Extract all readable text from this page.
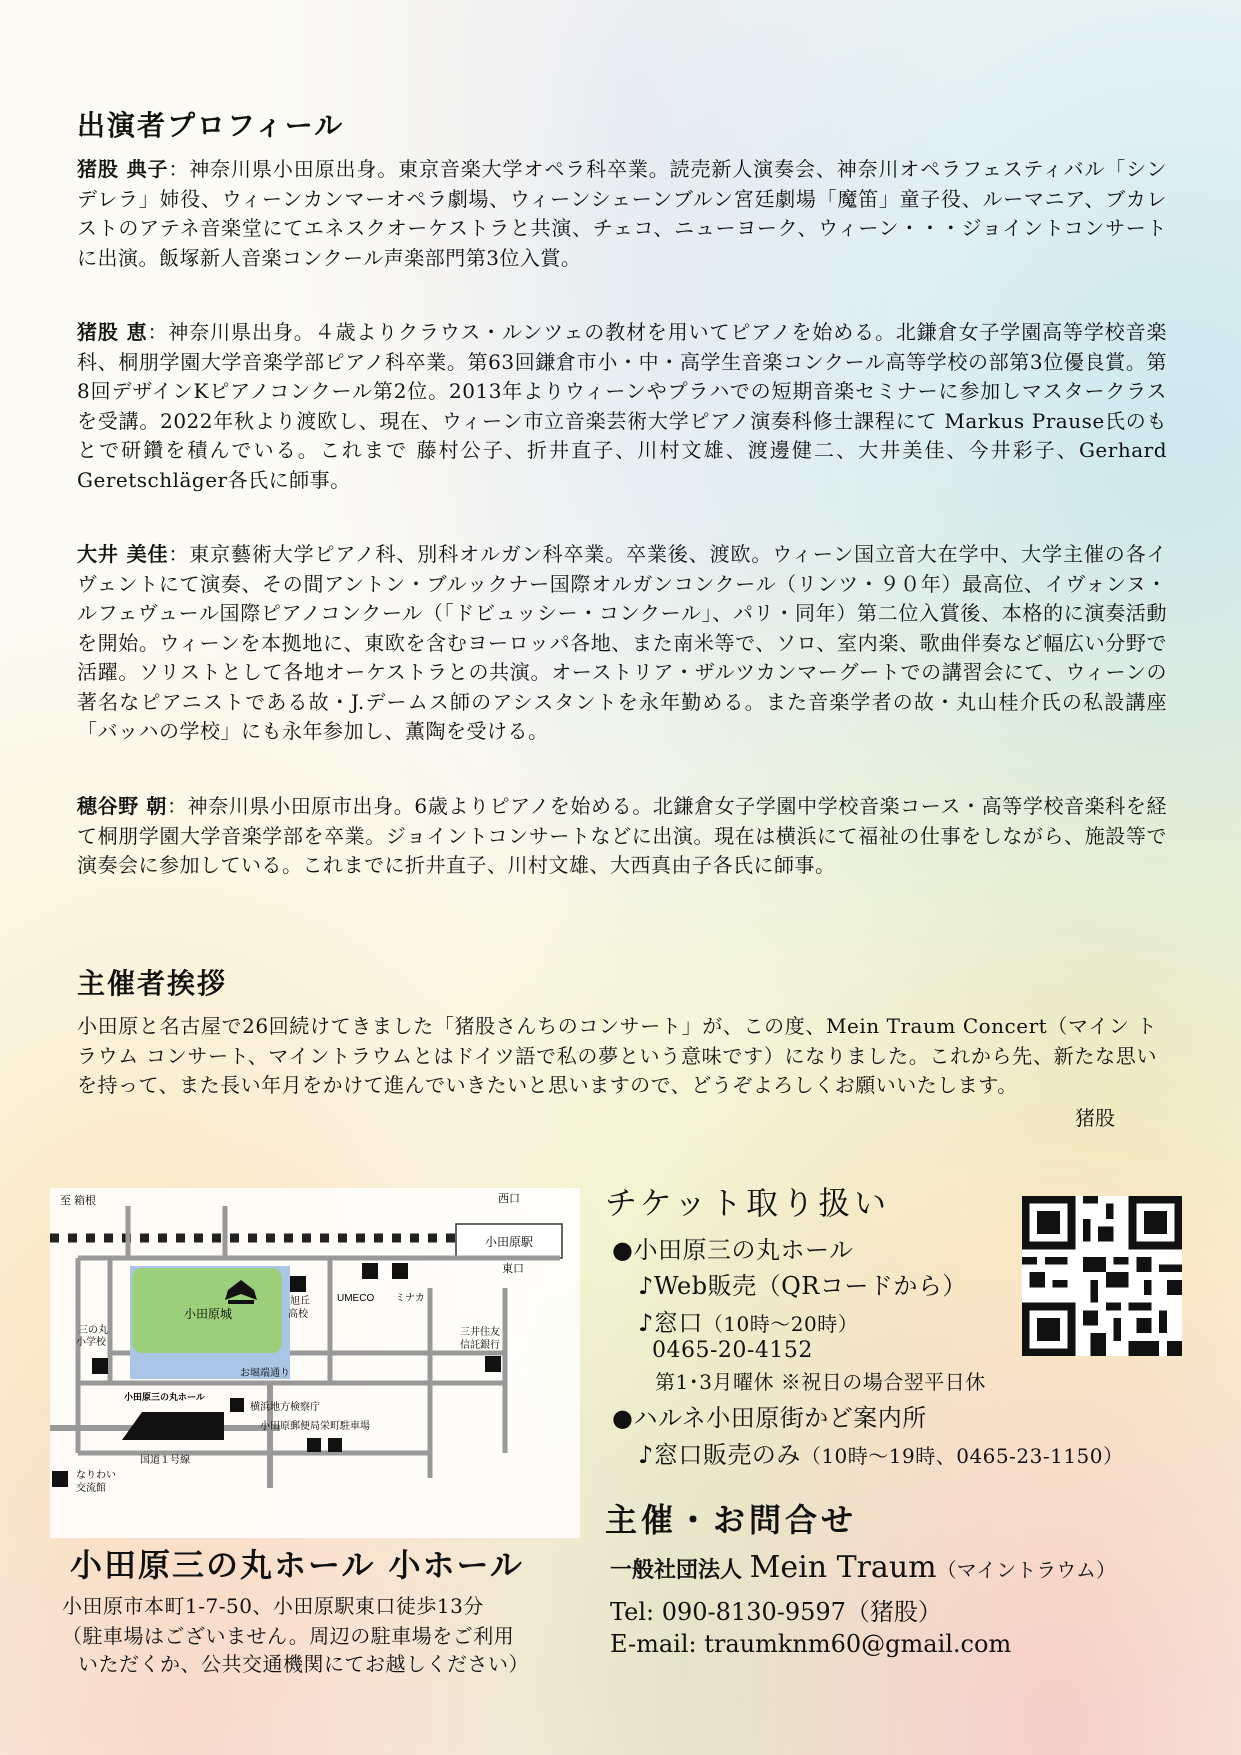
出演者プロフィール
猪股 典子：神奈川県小田原出身。東京音楽大学オペラ科卒業。読売新人演奏会、神奈川オペラフェスティバル「シンデレラ」姉役、ウィーンカンマーオペラ劇場、ウィーンシェーンブルン宮廷劇場「魔笛」童子役、ルーマニア、ブカレストのアテネ音楽堂にてエネスクオーケストラと共演、チェコ、ニューヨーク、ウィーン・・・ジョイントコンサートに出演。飯塚新人音楽コンクール声楽部門第3位入賞。
猪股 恵：神奈川県出身。４歳よりクラウス・ルンツェの教材を用いてピアノを始める。北鎌倉女子学園高等学校音楽科、桐朋学園大学音楽学部ピアノ科卒業。第63回鎌倉市小・中・高学生音楽コンクール高等学校の部第3位優良賞。第8回デザインKピアノコンクール第2位。2013年よりウィーンやプラハでの短期音楽セミナーに参加しマスタークラスを受講。2022年秋より渡欧し、現在、ウィーン市立音楽芸術大学ピアノ演奏科修士課程にて Markus Prause氏のもとで研鑽を積んでいる。これまで 藤村公子、折井直子、川村文雄、渡邊健二、大井美佳、今井彩子、Gerhard Geretschläger各氏に師事。
大井 美佳：東京藝術大学ピアノ科、別科オルガン科卒業。卒業後、渡欧。ウィーン国立音大在学中、大学主催の各イヴェントにて演奏、その間アントン・ブルックナー国際オルガンコンクール（リンツ・９０年）最高位、イヴォンヌ・ルフェヴュール国際ピアノコンクール（「ドビュッシー・コンクール」、パリ・同年）第二位入賞後、本格的に演奏活動を開始。ウィーンを本拠地に、東欧を含むヨーロッパ各地、また南米等で、ソロ、室内楽、歌曲伴奏など幅広い分野で活躍。ソリストとして各地オーケストラとの共演。オーストリア・ザルツカンマーグートでの講習会にて、ウィーンの著名なピアニストである故・J.デームス師のアシスタントを永年勤める。また音楽学者の故・丸山桂介氏の私設講座「バッハの学校」にも永年参加し、薫陶を受ける。
穂谷野 朝：神奈川県小田原市出身。6歳よりピアノを始める。北鎌倉女子学園中学校音楽コース・高等学校音楽科を経て桐朋学園大学音楽学部を卒業。ジョイントコンサートなどに出演。現在は横浜にて福祉の仕事をしながら、施設等で演奏会に参加している。これまでに折井直子、川村文雄、大西真由子各氏に師事。
主催者挨拶
小田原と名古屋で26回続けてきました「猪股さんちのコンサート」が、この度、Mein Traum Concert（マイン トラウム コンサート、マイントラウムとはドイツ語で私の夢という意味です）になりました。これから先、新たな思いを持って、また長い年月をかけて進んでいきたいと思いますので、どうぞよろしくお願いいたします。
猪股
至 箱根	西口
小田原駅
東口
小田原城
お堀端通り
旭丘
高校
UMECO ミナカ
三の丸
小学校
三井住友
信託銀行
小田原三の丸ホール
横浜地方検察庁
小田原郵便局 栄町駐車場
国道１号線
なりわい
交流館
小田原三の丸ホール 小ホール
小田原市本町1-7-50、小田原駅東口徒歩13分
（駐車場はございません。周辺の駐車場をご利用
いただくか、公共交通機関にてお越しください）
チケット取り扱い
●小田原三の丸ホール
♪Web販売（QRコードから）
♪窓口（10時～20時）
0465-20-4152
第1･3月曜休 ※祝日の場合翌平日休
●ハルネ小田原街かど案内所
♪窓口販売のみ（10時～19時、0465-23-1150）
主催・お問合せ
一般社団法人 Mein Traum（マイントラウム）
Tel: 090-8130-9597（猪股）
E-mail: traumknm60@gmail.com
